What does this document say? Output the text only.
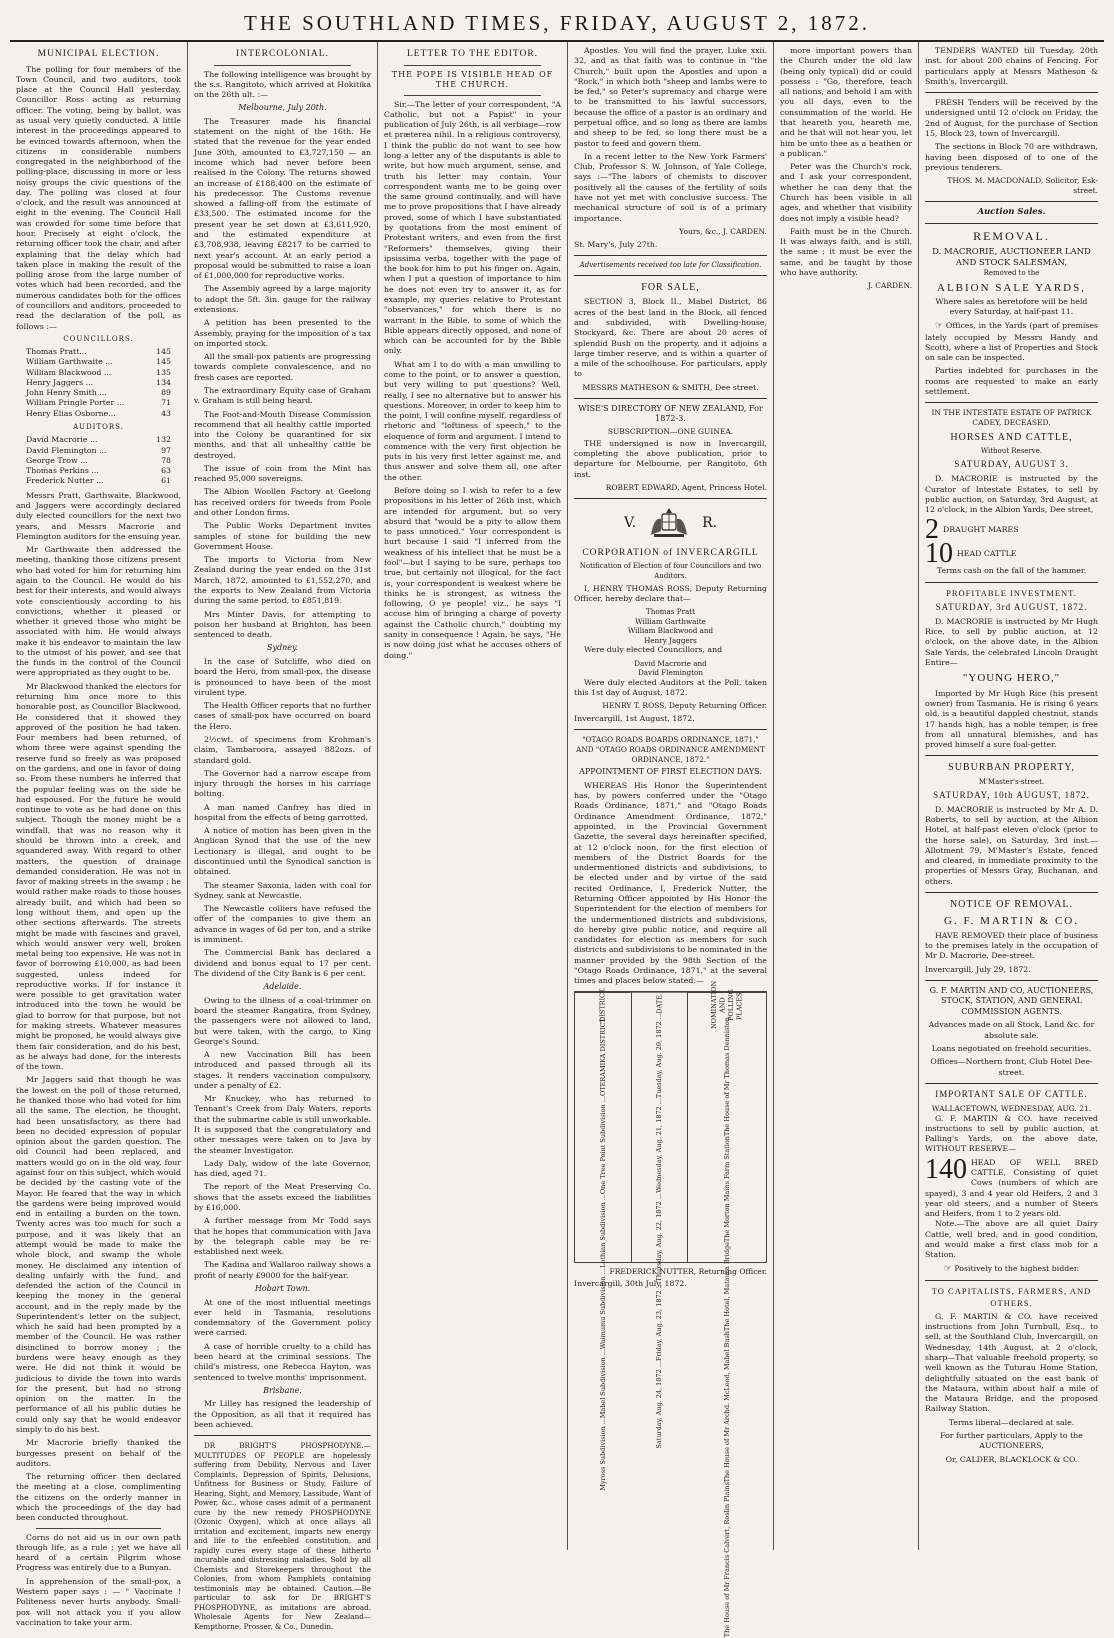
THE SOUTHLAND TIMES, FRIDAY, AUGUST 2, 1872.
MUNICIPAL ELECTION.

The polling for four members of the Town Council, and two auditors, took place at the Council Hall yesterday, Councillor Ross acting as returning officer. The voting, being by ballot, was as usual very quietly conducted. A little interest in the proceedings appeared to be evinced towards afternoon, when the citizens in considerable numbers congregated in the neighborhood of the polling-place, discussing in more or less noisy groups the civic questions of the day. The polling was closed at four o'clock, and the result was announced at eight in the evening. The Council Hall was crowded for some time before that hour. Precisely at eight o'clock, the returning officer took the chair, and after explaining that the delay which had taken place in making the result of the polling arose from the large number of votes which had been recorded, and the numerous candidates both for the offices of councillors and auditors, proceeded to read the declaration of the poll, as follows :—

COUNCILLORS.
Thomas Pratt...	145
William Garthwaite ...	145
William Blackwood ...	135
Henry Jaggers ...	134
John Henry Smith ...	89
William Pringle Porter ...	71
Henry Elias Osborne...	43
AUDITORS.
David Macrorie ...	132
David Flemington ...	97
George Trow ...	78
Thomas Perkins ...	63
Frederick Nutter ...	61

Messrs Pratt, Garthwaite, Blackwood, and Jaggers were accordingly declared duly elected councillors for the next two years, and Messrs Macrorie and Flemington auditors for the ensuing year.

Mr Garthwaite then addressed the meeting, thanking those citizens present who had voted for him for returning him again to the Council. He would do his best for their interests, and would always vote conscientiously according to his convictions, whether it pleased or whether it grieved those who might be associated with him. He would always make it his endeavor to maintain the law to the utmost of his power, and see that the funds in the control of the Council were appropriated as they ought to be.

Mr Blackwood thanked the electors for returning him once more to this honorable post, as Councillor Blackwood. He considered that it showed they approved of the position he had taken. Four members had been returned, of whom three were against spending the reserve fund so freely as was proposed on the gardens, and one in favor of doing so. From these numbers he inferred that the popular feeling was on the side he had espoused. For the future he would continue to vote as he had done on this subject. Though the money might be a windfall, that was no reason why it should be thrown into a creek, and squandered away. With regard to other matters, the question of drainage demanded consideration. He was not in favor of making streets in the swamp ; he would rather make roads to those houses already built, and which had been so long without them, and open up the other sections afterwards. The streets might be made with fascines and gravel, which would answer very well, broken metal being too expensive. He was not in favor of borrowing £10,000, as had been suggested, unless indeed for reproductive works. If for instance it were possible to get gravitation water introduced into the town he would be glad to borrow for that purpose, but not for making streets. Whatever measures might be proposed, he would always give them fair consideration, and do his best, as he always had done, for the interests of the town.

Mr Jaggers said that though he was the lowest on the poll of those returned, he thanked those who had voted for him all the same. The election, he thought, had been unsatisfactory, as there had been no decided expression of popular opinion about the garden question. The old Council had been replaced, and matters would go on in the old way, four against four on this subject, which would be decided by the casting vote of the Mayor. He feared that the way in which the gardens were being improved would end in entailing a burden on the town. Twenty acres was too much for such a purpose, and it was likely that an attempt would be made to make the whole block, and swamp the whole money. He disclaimed any intention of dealing unfairly with the fund, and defended the action of the Council in keeping the money in the general account, and in the reply made by the Superintendent's letter on the subject, which he said had been prompted by a member of the Council. He was rather disinclined to borrow money ; the burdens were heavy enough as they were. He did not think it would be judicious to divide the town into wards for the present, but had no strong opinion on the matter. In the performance of all his public duties he could only say that he would endeavor simply to do his best.

Mr Macrorie briefly thanked the burgesses present on behalf of the auditors.

The returning officer then declared the meeting at a close, complimenting the citizens on the orderly manner in which the proceedings of the day had been conducted throughout.

Corns do not aid us in our own path through life, as a rule ; yet we have all heard of a certain Pilgrim whose Progress was entirely due to a Bunyan.

In apprehension of the small-pox, a Western paper says : — " Vaccinate ! Politeness never hurts anybody. Small-pox will not attack you if you allow vaccination to take your arm.

INTERCOLONIAL.

The following intelligence was brought by the s.s. Rangitoto, which arrived at Hokitika on the 26th ult. :—

Melbourne, July 20th.

The Treasurer made his financial statement on the night of the 16th. He stated that the revenue for the year ended June 30th, amounted to £3,727,150 — an income which had never before been realised in the Colony. The returns showed an increase of £188,400 on the estimate of his predecessor. The Customs revenue showed a falling-off from the estimate of £33,500. The estimated income for the present year he set down at £3,611,920, and the estimated expenditure at £3,708,938, leaving £8217 to be carried to next year's account. At an early period a proposal would be submitted to raise a loan of £1,000,000 for reproductive works.

The Assembly agreed by a large majority to adopt the 5ft. 3in. gauge for the railway extensions.

A petition has been presented to the Assembly, praying for the imposition of a tax on imported stock.

All the small-pox patients are progressing towards complete convalescence, and no fresh cases are reported.

The extraordinary Equity case of Graham v. Graham is still being heard.

The Foot-and-Mouth Disease Commission recommend that all healthy cattle imported into the Colony be quarantined for six months, and that all unhealthy cattle be destroyed.

The issue of coin from the Mint has reached 95,000 sovereigns.

The Albion Woollen Factory at Geelong has received orders for tweeds from Poole and other London firms.

The Public Works Department invites samples of stone for building the new Government House.

The imports to Victoria from New Zealand during the year ended on the 31st March, 1872, amounted to £1,552,270, and the exports to New Zealand from Victoria during the same period, to £851,819.

Mrs Minter Davis, for attempting to poison her husband at Brighton, has been sentenced to death.

Sydney.

In the case of Sutcliffe, who died on board the Hero, from small-pox, the disease is pronounced to have been of the most virulent type.

The Health Officer reports that no further cases of small-pox have occurred on board the Hero.

2½cwt. of specimens from Krohman's claim, Tambaroora, assayed 882ozs. of standard gold.

The Governor had a narrow escape from injury through the horses in his carriage bolting.

A man named Canfrey has died in hospital from the effects of being garrotted.

A notice of motion has been given in the Anglican Synod that the use of the new Lectionary is illegal, and ought to be discontinued until the Synodical sanction is obtained.

The steamer Saxonia, laden with coal for Sydney, sank at Newcastle.

The Newcastle colliers have refused the offer of the companies to give them an advance in wages of 6d per ton, and a strike is imminent.

The Commercial Bank has declared a dividend and bonus equal to 17 per cent. The dividend of the City Bank is 6 per cent.

Adelaide.

Owing to the illness of a coal-trimmer on board the steamer Rangatira, from Sydney, the passengers were not allowed to land, but were taken, with the cargo, to King George's Sound.

A new Vaccination Bill has been introduced and passed through all its stages. It renders vaccination compulsory, under a penalty of £2.

Mr Knuckey, who has returned to Tennant's Creek from Daly Waters, reports that the submarine cable is still unworkable. It is supposed that the congratulatory and other messages were taken on to Java by the steamer Investigator.

Lady Daly, widow of the late Governor, has died, aged 71.

The report of the Meat Preserving Co. shows that the assets exceed the liabilities by £16,000.

A further message from Mr Todd says that he hopes that communication with Java by the telegraph cable may be re-established next week.

The Kadina and Wallaroo railway shows a profit of nearly £9000 for the half-year.

Hobart Town.

At one of the most influential meetings ever held in Tasmania, resolutions condemnatory of the Government policy were carried.

A case of horrible cruelty to a child has been heard at the criminal sessions. The child's mistress, one Rebecca Hayton, was sentenced to twelve months' imprisonment.

Brisbane.

Mr Lilley has resigned the leadership of the Opposition, as all that it required has been achieved.

DR BRIGHT'S PHOSPHODYNE.—MULTITUDES OF PEOPLE are hopelessly suffering from Debility, Nervous and Liver Complaints, Depression of Spirits, Delusions, Unfitness for Business or Study, Failure of Hearing, Sight, and Memory, Lassitude, Want of Power, &c., whose cases admit of a permanent cure by the new remedy PHOSPHODYNE (Ozonic Oxygen), which at once allays all irritation and excitement, imparts new energy and life to the enfeebled constitution, and rapidly cures every stage of these hitherto incurable and distressing maladies. Sold by all Chemists and Storekeepers throughout the Colonies, from whom Pamphlets containing testimonials may be obtained. Caution.—Be particular to ask for Dr BRIGHT'S PHOSPHODYNE, as imitations are abroad. Wholesale Agents for New Zealand—Kempthorne, Prosser, & Co., Dunedin.

LETTER TO THE EDITOR.
THE POPE IS VISIBLE HEAD OF THE CHURCH.

Sir,—The letter of your correspondent, "A Catholic, but not a Papist" in your publication of July 26th, is all verbiage—row et præterea nihil. In a religious controversy, I think the public do not want to see how long a letter any of the disputants is able to write, but how much argument, sense, and truth his letter may contain. Your correspondent wants me to be going over the same ground continually, and will have me to prove propositions that I have already proved, some of which I have substantiated by quotations from the most eminent of Protestant writers, and even from the first "Reformers" themselves, giving their ipsissima verba, together with the page of the book for him to put his finger on. Again, when I put a question of importance to him he does not even try to answer it, as for example, my queries relative to Protestant "observances," for which there is no warrant in the Bible, to some of which the Bible appears directly opposed, and none of which can be accounted for by the Bible only.

What am I to do with a man unwilling to come to the point, or to answer a question, but very willing to put questions? Well, really, I see no alternative but to answer his questions. Moreover, in order to keep him to the point, I will confine myself, regardless of rhetoric and "loftiness of speech," to the eloquence of form and argument. I intend to commence with the very first objection he puts in his very first letter against me, and thus answer and solve them all, one after the other.

Before doing so I wish to refer to a few propositions in his letter of 26th inst, which are intended for argument, but so very absurd that "would be a pity to allow them to pass unnoticed." Your correspondent is hurt because I said "I inferred from the weakness of his intellect that he must be a fool"—but I saying to be sure, perhaps too true, but certainly not illogical, for the fact is, your correspondent is weakest where he thinks he is strongest, as witness the following, O ye people! viz., he says "I accuse him of bringing a charge of poverty against the Catholic church," doubting my sanity in consequence ! Again, he says, "He is now doing just what he accuses others of doing."

Apostles. You will find the prayer, Luke xxii. 32, and as that faith was to continue in "the Church," built upon the Apostles and upon a "Rock," in which both "sheep and lambs were to be fed," so Peter's supremacy and charge were to be transmitted to his lawful successors, because the office of a pastor is an ordinary and perpetual office, and so long as there are lambs and sheep to be fed, so long there must be a pastor to feed and govern them.

In a recent letter to the New York Farmers' Club, Professor S. W. Johnson, of Yale College, says :—"The labors of chemists to discover positively all the causes of the fertility of soils have not yet met with conclusive success. The mechanical structure of soil is of a primary importance.

Yours, &c., J. CARDEN.

St. Mary's, July 27th.

Advertisements received too late for Classification.

FOR SALE,

SECTION 3, Block II., Mabel District, 86 acres of the best land in the Block, all fenced and subdivided, with Dwelling-house, Stockyard, &c. There are about 20 acres of splendid Bush on the property, and it adjoins a large timber reserve, and is within a quarter of a mile of the schoolhouse. For particulars, apply to

MESSRS MATHESON & SMITH, Dee street.

WISE'S DIRECTORY OF NEW ZEALAND, For 1872-3.
SUBSCRIPTION—ONE GUINEA.

THE undersigned is now in Invercargill, completing the above publication, prior to departure for Melbourne, per Rangitoto, 6th inst.

ROBERT EDWARD, Agent, Princess Hotel.

V.	R.
CORPORATION of INVERCARGILL

Notification of Election of four Councillors and two Auditors.

I, HENRY THOMAS ROSS, Deputy Returning Officer, hereby declare that—

Thomas Pratt
William Garthwaite
William Blackwood and
Henry Jaggers

Were duly elected Councillors, and

David Macrorie and
David Flemington

Were duly elected Auditors at the Poll, taken this 1st day of August, 1872.

HENRY T. ROSS, Deputy Returning Officer.

Invercargill, 1st August, 1872.

"OTAGO ROADS BOARDS ORDINANCE, 1871," AND "OTAGO ROADS ORDINANCE AMENDMENT ORDINANCE, 1872."

APPOINTMENT OF FIRST ELECTION DAYS.

WHEREAS His Honor the Superintendent has, by powers conferred under the "Otago Roads Ordinance, 1871," and "Otago Roads Ordinance Amendment Ordinance, 1872," appointed, in the Provincial Government Gazette, the several days hereinafter specified, at 12 o'clock noon, for the first election of members of the District Boards for the undermentioned districts and subdivisions, to be elected under and by virtue of the said recited Ordinance, I, Frederick Nutter, the Returning Officer appointed by His Honor the Superintendent for the election of members for the undermentioned districts and subdivisions, do hereby give public notice, and require all candidates for election as members for such districts and subdivisions to be nominated in the manner provided by the 98th Section of the "Otago Roads Ordinance, 1871," at the several times and places below stated:—

DISTRICT.
OTERAMIKA DISTRICT.
One Tree Point Subdivision ...
Lothian Subdivision ...
Waimumu Subdivision ...
Mabel Subdivision ...
Myross Subdivision ...
DATE.
Tuesday, Aug. 20, 1872 ...
Wednesday, Aug. 21, 1872 ...
Thursday, Aug. 22, 1872 ...
Friday, Aug. 23, 1872 ...
Saturday, Aug. 24, 1872 ...
NOMINATION AND POLLING PLACES.
The House of Mr Thomas Denniston
The Morton Mains Farm Station
The Hotel, Mataura Bridge
The House of Mr Archd. McLeod, Mabel Bush
The House of Mr Francis Calvert, Roslin Plains

FREDERICK NUTTER, Returning Officer.

Invercargill, 30th July, 1872.

more important powers than the Church under the old law (being only typical) did or could possess : "Go, therefore, teach all nations, and behold I am with you all days, even to the consummation of the world. He that heareth you, heareth me, and he that will not hear you, let him be unto thee as a heathen or a publican."

Peter was the Church's rock, and I ask your correspondent, whether he can deny that the Church has been visible in all ages, and whether that visibility does not imply a visible head?

Faith must be in the Church. It was always faith, and is still, the same ; it must be ever the same, and be taught by those who have authority.

J. CARDEN.

TENDERS WANTED till Tuesday, 20th inst. for about 200 chains of Fencing. For particulars apply at Messrs Matheson & Smith's, Invercargill.

FRESH Tenders will be received by the undersigned until 12 o'clock on Friday, the 2nd of August, for the purchase of Section 15, Block 23, town of Invercargill.

The sections in Block 70 are withdrawn, having been disposed of to one of the previous tenderers.

THOS. M. MACDONALD, Solicitor, Esk-street.

Auction Sales.
REMOVAL.
D. MACRORIE, AUCTIONEER LAND AND STOCK SALESMAN,
Removed to the
ALBION SALE YARDS,

Where sales as heretofore will be held every Saturday, at half-past 11.

☞ Offices, in the Yards (part of premises lately occupied by Messrs Handy and Scott), where a list of Properties and Stock on sale can be inspected.

Parties indebted for purchases in the rooms are requested to make an early settlement.

IN THE INTESTATE ESTATE OF PATRICK CADEY, DECEASED.

HORSES AND CATTLE,
Without Reserve.
SATURDAY, AUGUST 3.

D. MACRORIE is instructed by the Curator of Intestate Estates, to sell by public auction, on Saturday, 3rd August, at 12 o'clock, in the Albion Yards, Dee street,

2 DRAUGHT MARES
10 HEAD CATTLE

Terms cash on the fall of the hammer.

PROFITABLE INVESTMENT.
SATURDAY, 3rd AUGUST, 1872.

D. MACRORIE is instructed by Mr Hugh Rice, to sell by public auction, at 12 o'clock, on the above date, in the Albion Sale Yards, the celebrated Lincoln Draught Entire—

"YOUNG HERO,"

Imported by Mr Hugh Rice (his present owner) from Tasmania. He is rising 6 years old, is a beautiful dappled chestnut, stands 17 hands high, has a noble temper, is free from all unnatural blemishes, and has proved himself a sure foal-getter.

SUBURBAN PROPERTY,
M'Master's-street.
SATURDAY, 10th AUGUST, 1872.

D. MACRORIE is instructed by Mr A. D. Roberts, to sell by auction, at the Albion Hotel, at half-past eleven o'clock (prior to the horse sale), on Saturday, 3rd inst.—Allotment 79, M'Master's Estate, fenced and cleared, in immediate proximity to the properties of Messrs Gray, Buchanan, and others.

NOTICE OF REMOVAL.
G. F. MARTIN & CO.

HAVE REMOVED their place of business to the premises lately in the occupation of Mr D. Macrorie, Dee-street.

Invercargill, July 29, 1872.

G. F. MARTIN AND CO, AUCTIONEERS, STOCK, STATION, AND GENERAL COMMISSION AGENTS.

Advances made on all Stock, Land &c. for absolute sale.

Loans negotiated on freehold securities.

Offices—Northern front, Club Hotel Dee-street.

IMPORTANT SALE OF CATTLE.
WALLACETOWN, WEDNESDAY, AUG. 21.

G. F. MARTIN & CO. have received instructions to sell by public auction, at Palling's Yards, on the above date, WITHOUT RESERVE—

140 HEAD OF WELL BRED CATTLE, Consisting of quiet Cows (numbers of which are spayed), 3 and 4 year old Heifers, 2 and 3 year old steers, and a number of Steers and Heifers, from 1 to 2 years old.

Note.—The above are all quiet Dairy Cattle, well bred, and in good condition, and would make a first class mob for a Station.

☞ Positively to the highest bidder.

TO CAPITALISTS, FARMERS, AND OTHERS.

G. F. MARTIN & CO. have received instructions from John Turnbull, Esq., to sell, at the Southland Club, Invercargill, on Wednesday, 14th August, at 2 o'clock, sharp—That valuable freehold property, so well known as the Tuturau Home Station, delightfully situated on the east bank of the Mataura, within about half a mile of the Mataura Bridge, and the proposed Railway Station.

Terms liberal—declared at sale.

For further particulars, Apply to the AUCTIONEERS,

Or, CALDER, BLACKLOCK & CO.
